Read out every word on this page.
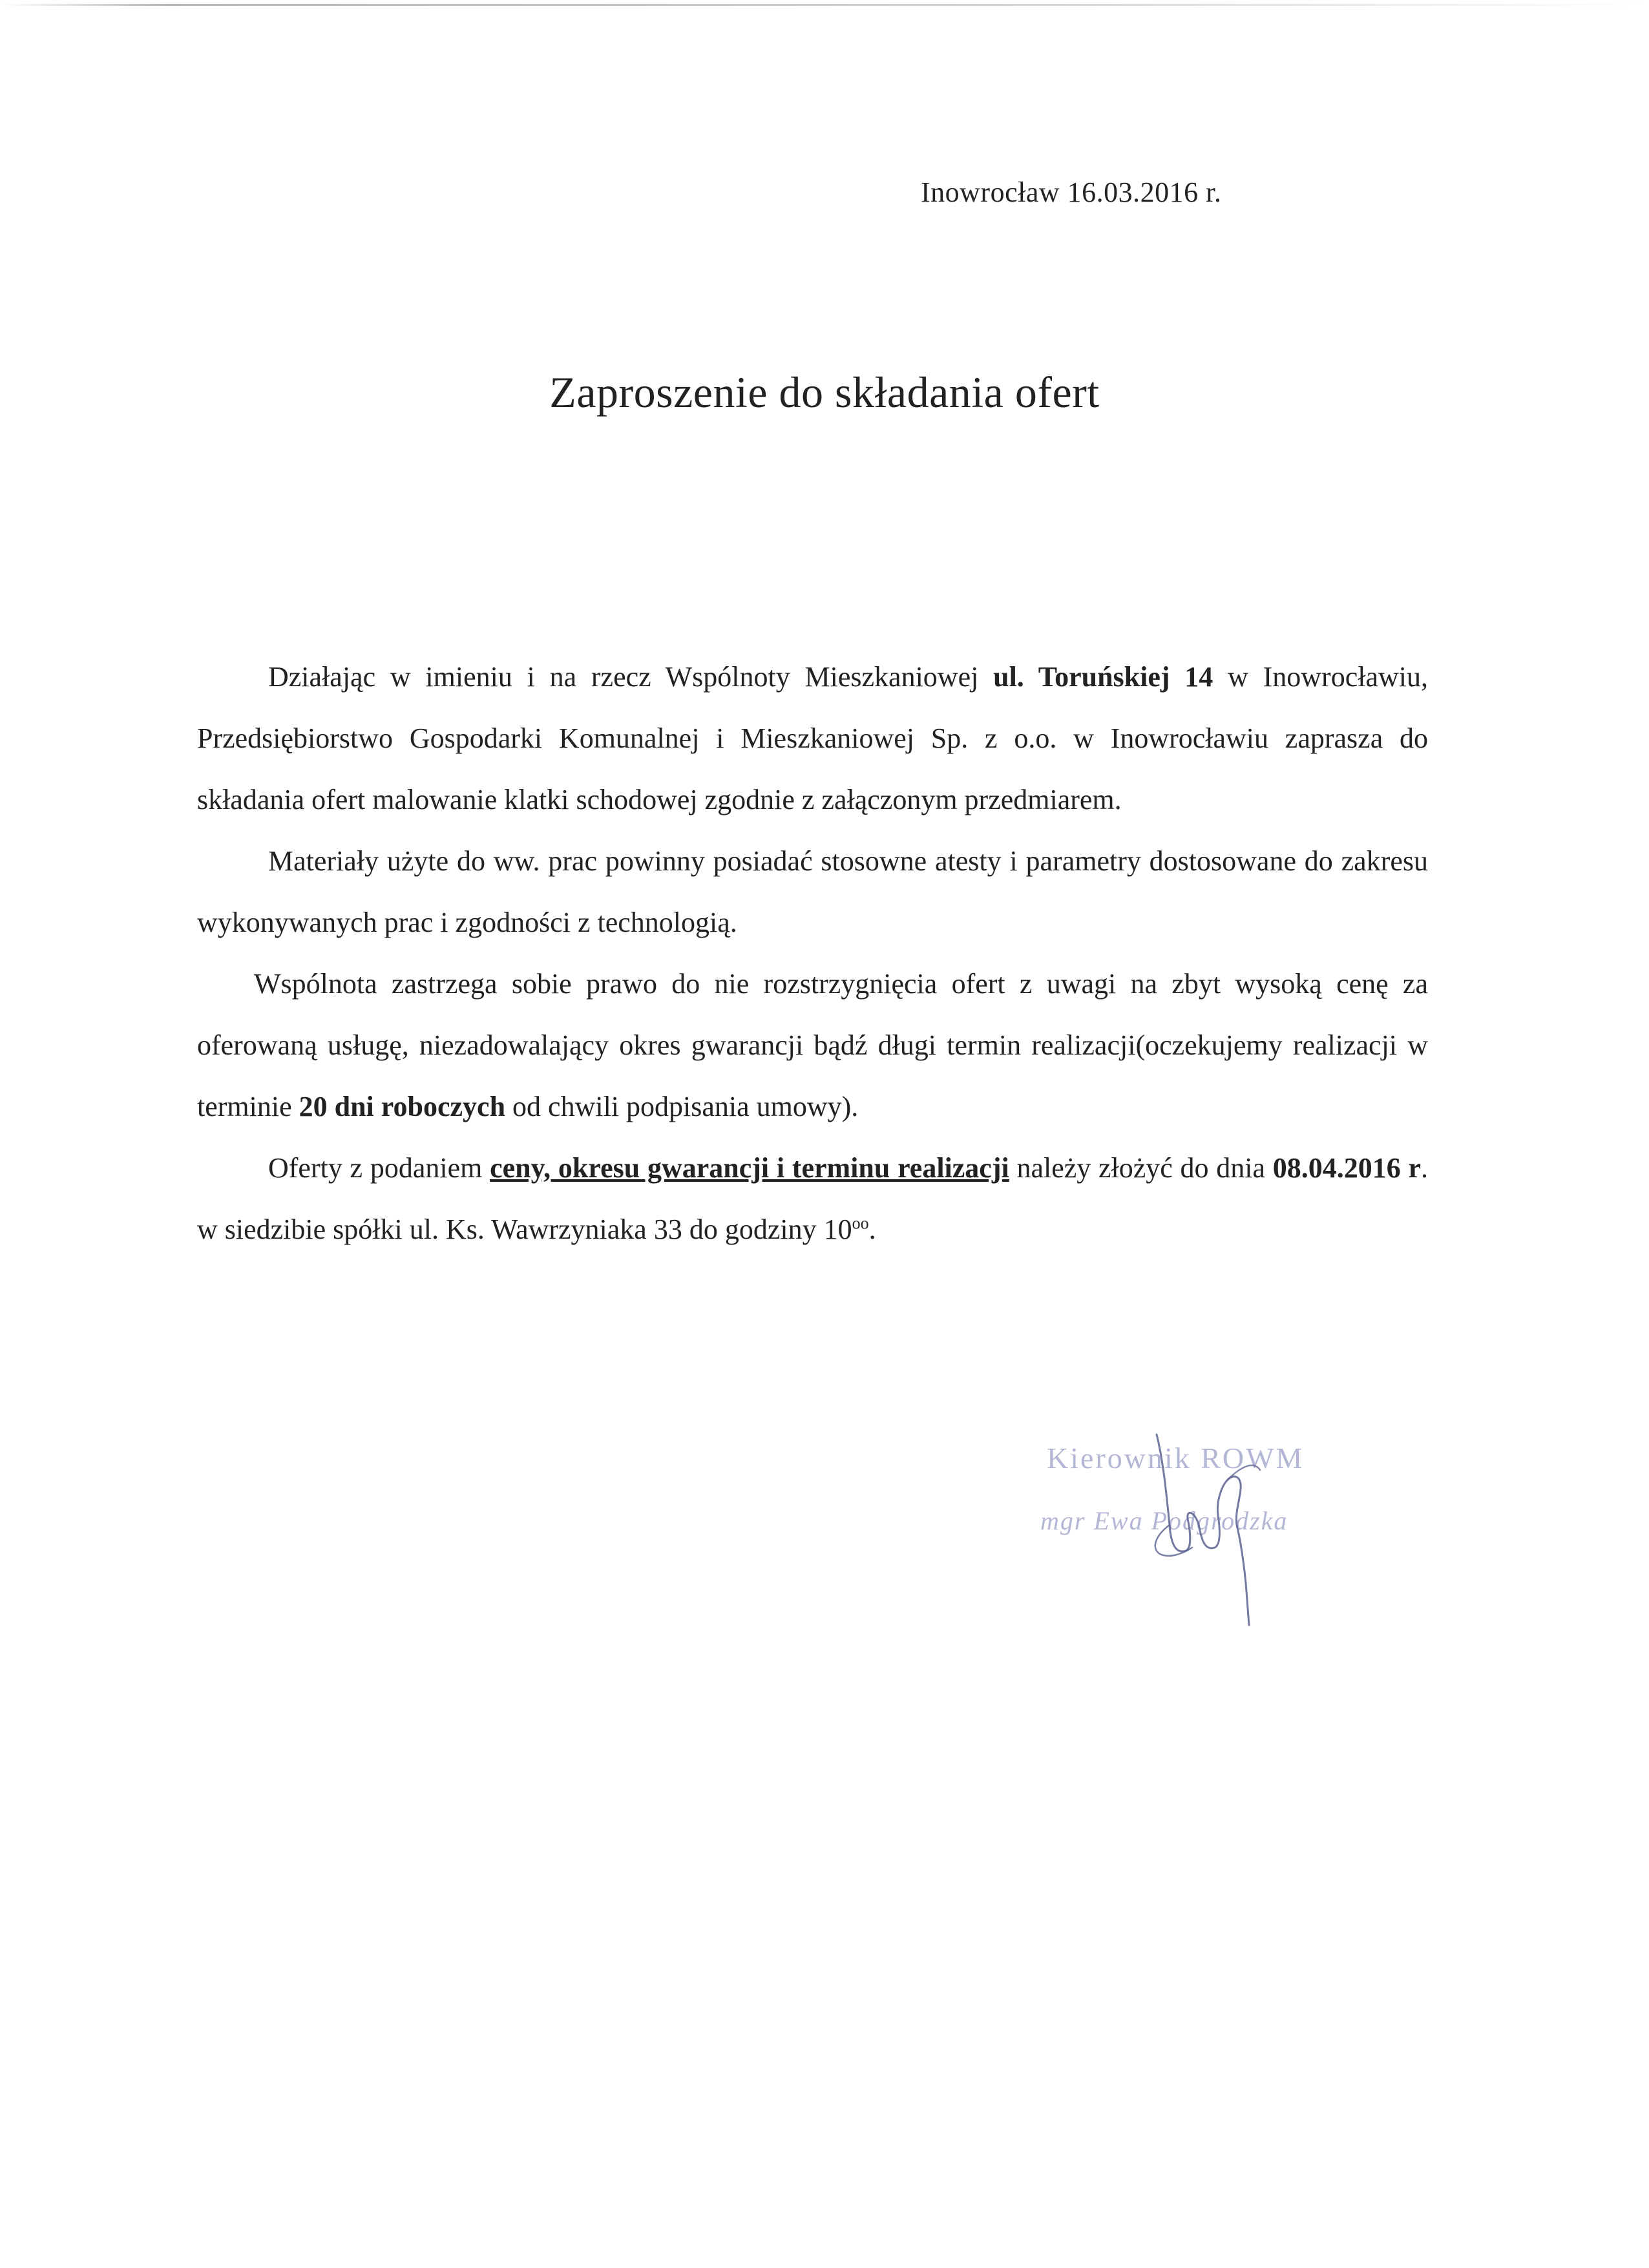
Inowrocław 16.03.2016 r.
Zaproszenie do składania ofert

Działając w imieniu i na rzecz Wspólnoty Mieszkaniowej ul. Toruńskiej 14 w Inowrocławiu, Przedsiębiorstwo Gospodarki Komunalnej i Mieszkaniowej Sp. z o.o. w Inowrocławiu zaprasza do składania ofert malowanie klatki schodowej zgodnie z załączonym przedmiarem.

Materiały użyte do ww. prac powinny posiadać stosowne atesty i parametry dostosowane do zakresu wykonywanych prac i zgodności z technologią.

Wspólnota zastrzega sobie prawo do nie rozstrzygnięcia ofert z uwagi na zbyt wysoką cenę za oferowaną usługę, niezadowalający okres gwarancji bądź długi termin realizacji(oczekujemy realizacji w terminie 20 dni roboczych od chwili podpisania umowy).

Oferty z podaniem ceny, okresu gwarancji i terminu realizacji należy złożyć do dnia 08.04.2016 r. w siedzibie spółki ul. Ks. Wawrzyniaka 33 do godziny $10^{oo}$.

Kierownik ROWM
mgr Ewa Podgrodzka
